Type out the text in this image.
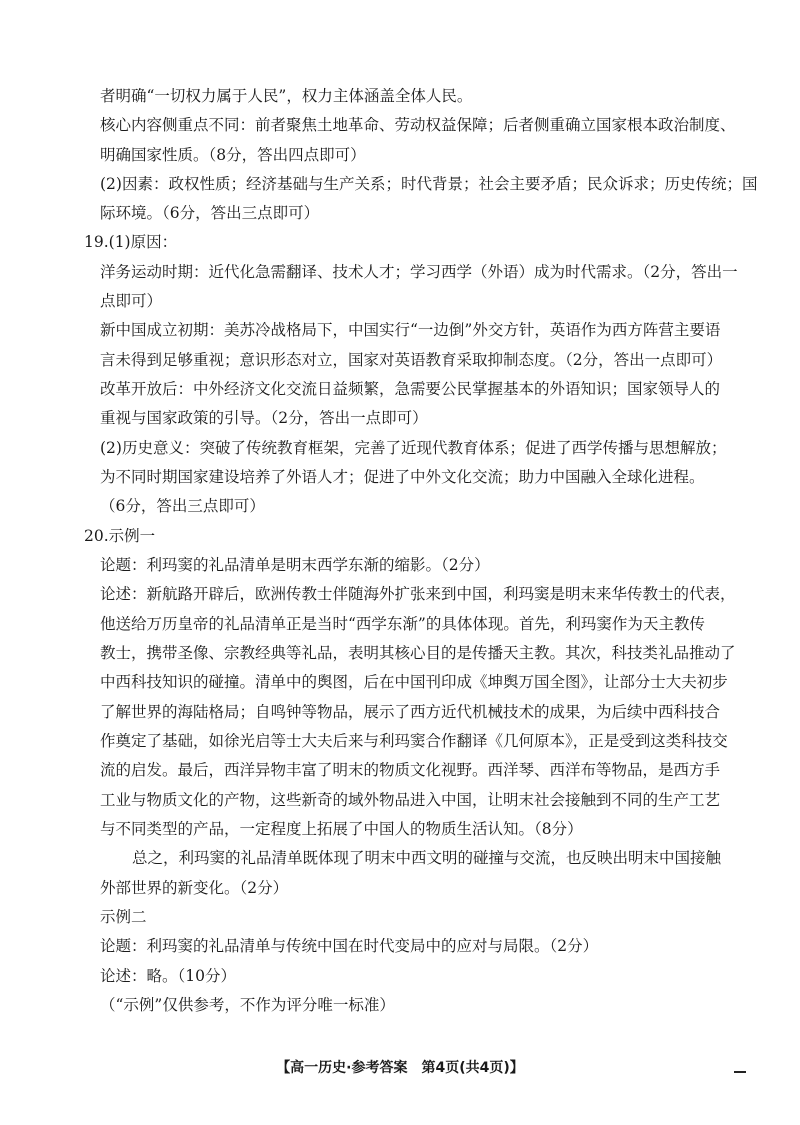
者明确“一切权力属于人民”，权力主体涵盖全体人民。
核心内容侧重点不同：前者聚焦土地革命、劳动权益保障；后者侧重确立国家根本政治制度、
明确国家性质。（8分，答出四点即可）
(2)因素：政权性质；经济基础与生产关系；时代背景；社会主要矛盾；民众诉求；历史传统；国
际环境。（6分，答出三点即可）
19.(1)原因：
洋务运动时期：近代化急需翻译、技术人才；学习西学（外语）成为时代需求。（2分，答出一
点即可）
新中国成立初期：美苏冷战格局下，中国实行“一边倒”外交方针，英语作为西方阵营主要语
言未得到足够重视；意识形态对立，国家对英语教育采取抑制态度。（2分，答出一点即可）
改革开放后：中外经济文化交流日益频繁，急需要公民掌握基本的外语知识；国家领导人的
重视与国家政策的引导。（2分，答出一点即可）
(2)历史意义：突破了传统教育框架，完善了近现代教育体系；促进了西学传播与思想解放；
为不同时期国家建设培养了外语人才；促进了中外文化交流；助力中国融入全球化进程。
（6分，答出三点即可）
20.示例一
论题：利玛窦的礼品清单是明末西学东渐的缩影。（2分）
论述：新航路开辟后，欧洲传教士伴随海外扩张来到中国，利玛窦是明末来华传教士的代表，
他送给万历皇帝的礼品清单正是当时“西学东渐”的具体体现。首先，利玛窦作为天主教传
教士，携带圣像、宗教经典等礼品，表明其核心目的是传播天主教。其次，科技类礼品推动了
中西科技知识的碰撞。清单中的舆图，后在中国刊印成《坤舆万国全图》，让部分士大夫初步
了解世界的海陆格局；自鸣钟等物品，展示了西方近代机械技术的成果，为后续中西科技合
作奠定了基础，如徐光启等士大夫后来与利玛窦合作翻译《几何原本》，正是受到这类科技交
流的启发。最后，西洋异物丰富了明末的物质文化视野。西洋琴、西洋布等物品，是西方手
工业与物质文化的产物，这些新奇的域外物品进入中国，让明末社会接触到不同的生产工艺
与不同类型的产品，一定程度上拓展了中国人的物质生活认知。（8分）
总之，利玛窦的礼品清单既体现了明末中西文明的碰撞与交流，也反映出明末中国接触
外部世界的新变化。（2分）
示例二
论题：利玛窦的礼品清单与传统中国在时代变局中的应对与局限。（2分）
论述：略。（10分）
（“示例”仅供参考，不作为评分唯一标准）
【高一历史·参考答案　第4页(共4页)】
